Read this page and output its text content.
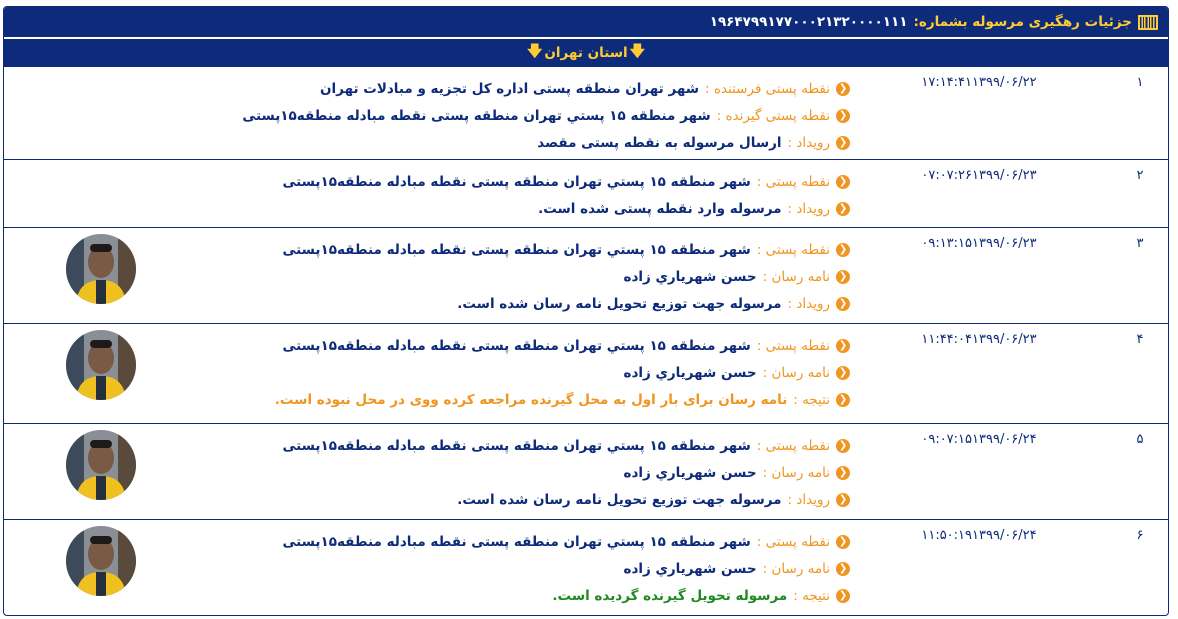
جزئیات رهگیری مرسوله بشماره:
۱۹۶۴۷۹۹۱۷۷۰۰۰۲۱۳۲۰۰۰۰۱۱۱
🡇
استان تهران
🡇
۱
❮
نقطه پستی فرستنده :
شهر تهران منطقه پستی اداره کل تجزیه و مبادلات تهران
❮
نقطه پستی گیرنده :
شهر منطقه ۱۵ پستي تهران منطقه پستی نقطه مبادله منطقه۱۵پستی
❮
رویداد :
ارسال مرسوله به نقطه پستی مقصد
۱۷:۱۴:۴۱۱۳۹۹/۰۶/۲۲
۲
❮
نقطه پستی :
شهر منطقه ۱۵ پستي تهران منطقه پستی نقطه مبادله منطقه۱۵پستی
❮
رویداد :
مرسوله وارد نقطه پستی شده است.
۰۷:۰۷:۲۶۱۳۹۹/۰۶/۲۳
۳
❮
نقطه پستی :
شهر منطقه ۱۵ پستي تهران منطقه پستی نقطه مبادله منطقه۱۵پستی
❮
نامه رسان :
حسن شهرياري زاده
❮
رویداد :
مرسوله جهت توزیع تحویل نامه رسان شده است.
۰۹:۱۳:۱۵۱۳۹۹/۰۶/۲۳
۴
❮
نقطه پستی :
شهر منطقه ۱۵ پستي تهران منطقه پستی نقطه مبادله منطقه۱۵پستی
❮
نامه رسان :
حسن شهرياري زاده
❮
نتیجه :
نامه رسان برای بار اول به محل گیرنده مراجعه کرده ووی در محل نبوده است.
۱۱:۴۴:۰۴۱۳۹۹/۰۶/۲۳
۵
❮
نقطه پستی :
شهر منطقه ۱۵ پستي تهران منطقه پستی نقطه مبادله منطقه۱۵پستی
❮
نامه رسان :
حسن شهرياري زاده
❮
رویداد :
مرسوله جهت توزیع تحویل نامه رسان شده است.
۰۹:۰۷:۱۵۱۳۹۹/۰۶/۲۴
۶
❮
نقطه پستی :
شهر منطقه ۱۵ پستي تهران منطقه پستی نقطه مبادله منطقه۱۵پستی
❮
نامه رسان :
حسن شهرياري زاده
❮
نتیجه :
مرسوله تحویل گیرنده گردیده است.
۱۱:۵۰:۱۹۱۳۹۹/۰۶/۲۴
